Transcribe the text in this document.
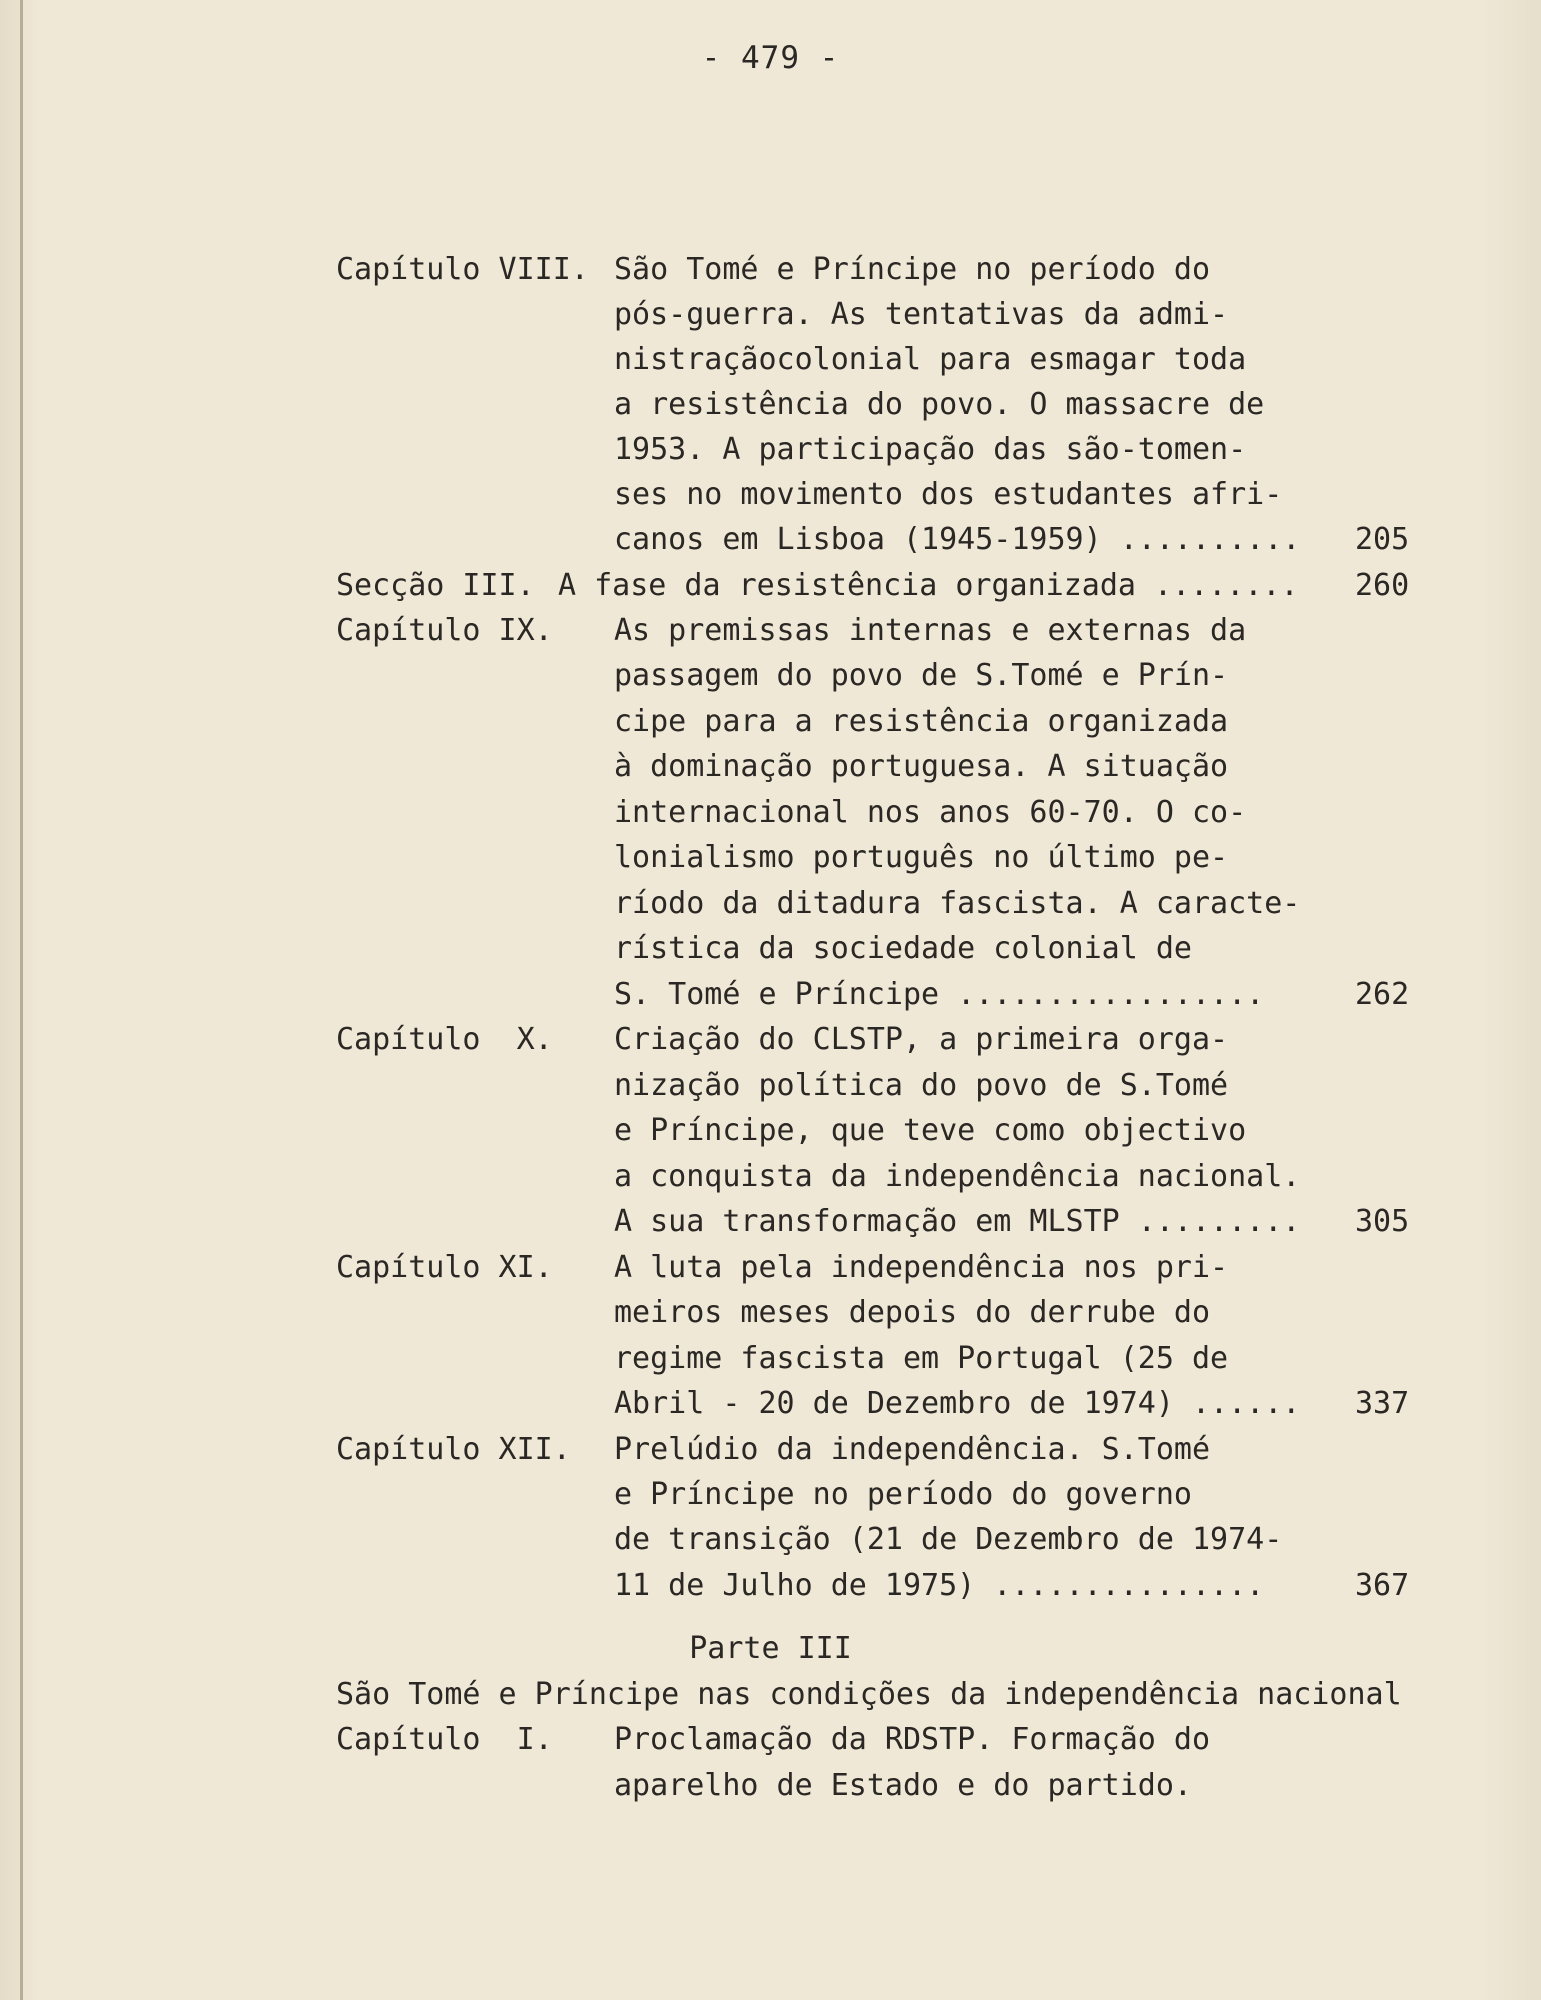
- 479 -
Capítulo VIII. São Tomé e Príncipe no período do
pós-guerra. As tentativas da admi-
nistraçãocolonial para esmagar toda
a resistência do povo. O massacre de
1953. A participação das são-tomen-
ses no movimento dos estudantes afri-
canos em Lisboa (1945-1959) .......... 205
Secção III. A fase da resistência organizada ........ 260
Capítulo IX. As premissas internas e externas da
passagem do povo de S.Tomé e Prín-
cipe para a resistência organizada
à dominação portuguesa. A situação
internacional nos anos 60-70. O co-
lonialismo português no último pe-
ríodo da ditadura fascista. A caracte-
rística da sociedade colonial de
S. Tomé e Príncipe .................	262
Capítulo  X. Criação do CLSTP, a primeira orga-
nização política do povo de S.Tomé
e Príncipe, que teve como objectivo
a conquista da independência nacional.
A sua transformação em MLSTP ......... 305
Capítulo XI. A luta pela independência nos pri-
meiros meses depois do derrube do
regime fascista em Portugal (25 de
Abril - 20 de Dezembro de 1974) ...... 337
Capítulo XII. Prelúdio da independência. S.Tomé
e Príncipe no período do governo
de transição (21 de Dezembro de 1974-
11 de Julho de 1975) ...............	367
Parte III
São Tomé e Príncipe nas condições da independência nacional
Capítulo  I. Proclamação da RDSTP. Formação do
aparelho de Estado e do partido.
